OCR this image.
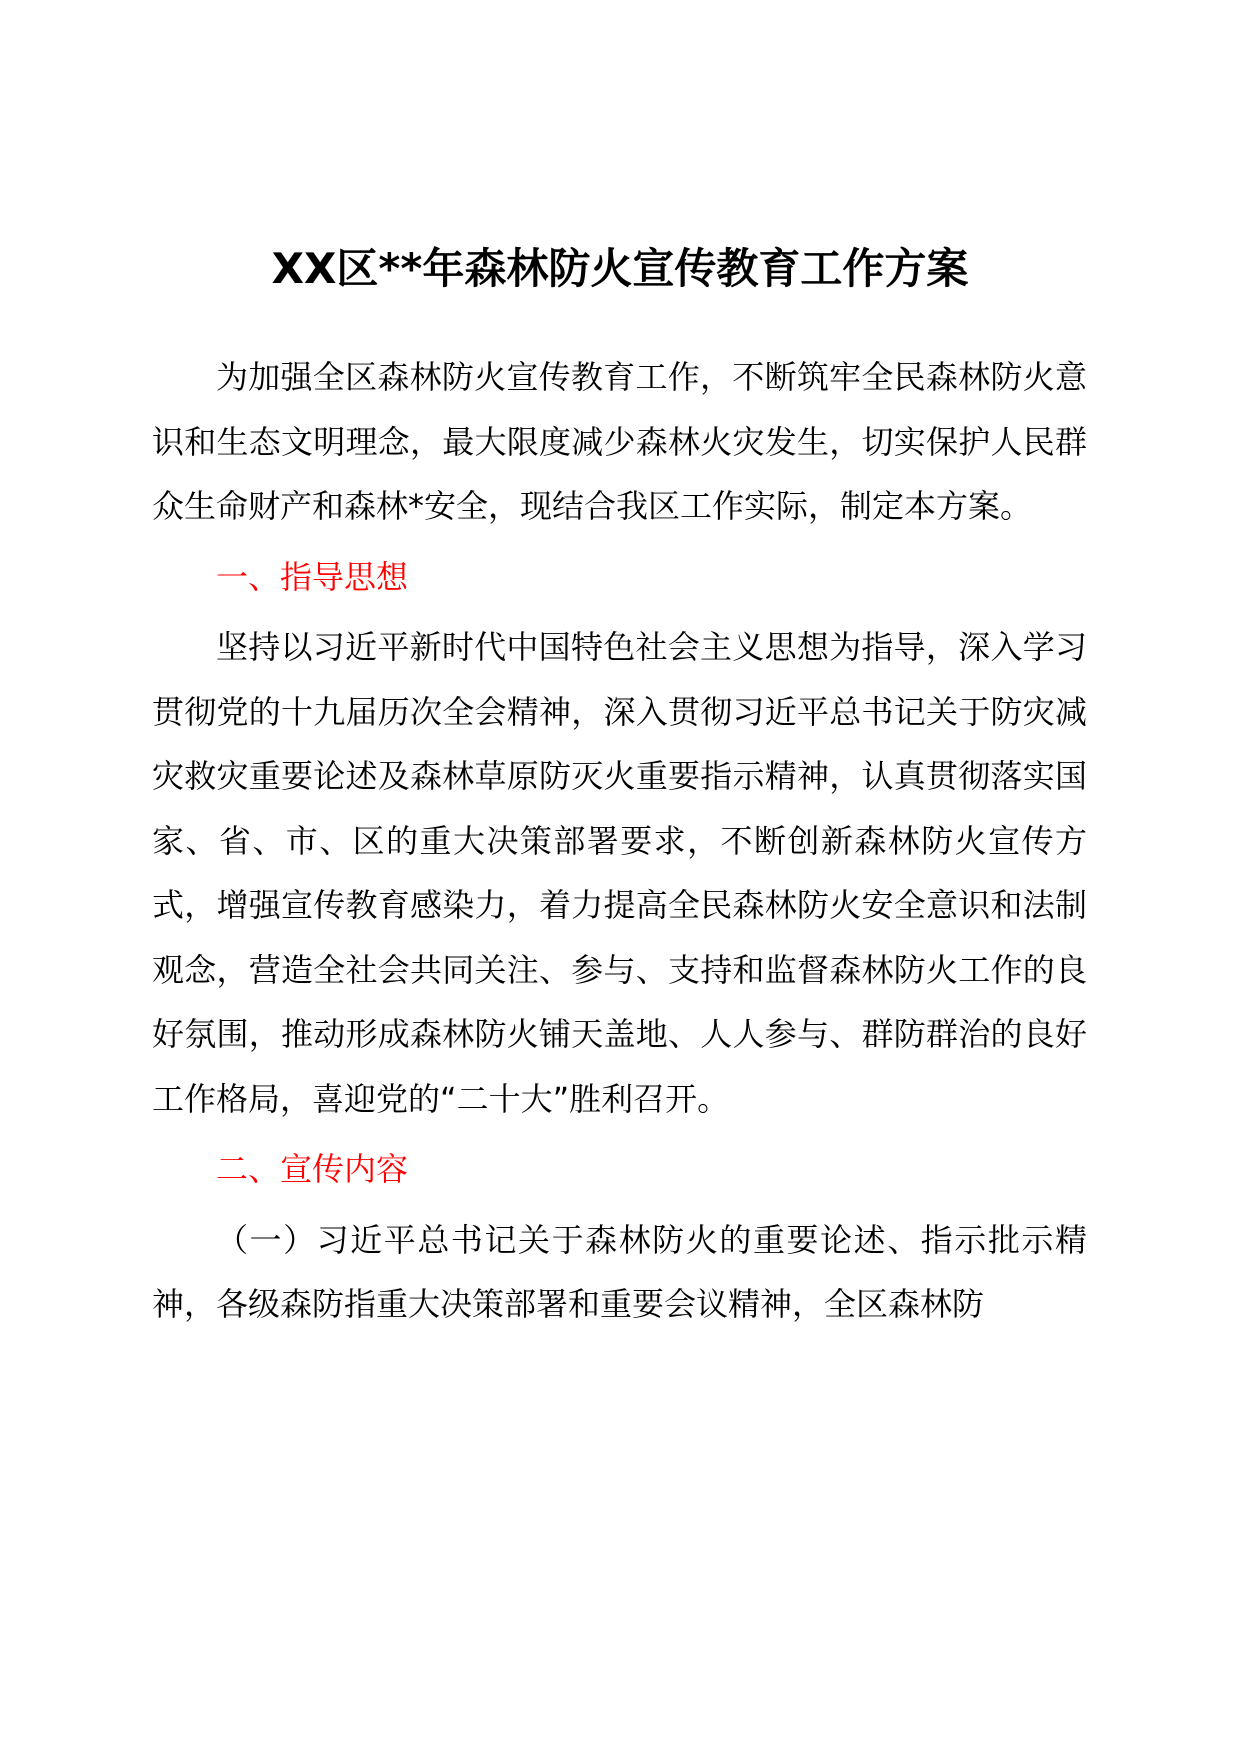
XX区**年森林防火宣传教育工作方案

为加强全区森林防火宣传教育工作，不断筑牢全民森林防火意识和生态文明理念，最大限度减少森林火灾发生，切实保护人民群众生命财产和森林*安全，现结合我区工作实际，制定本方案。

一、指导思想

坚持以习近平新时代中国特色社会主义思想为指导，深入学习贯彻党的十九届历次全会精神，深入贯彻习近平总书记关于防灾减灾救灾重要论述及森林草原防灭火重要指示精神，认真贯彻落实国家、省、市、区的重大决策部署要求，不断创新森林防火宣传方式，增强宣传教育感染力，着力提高全民森林防火安全意识和法制观念，营造全社会共同关注、参与、支持和监督森林防火工作的良好氛围，推动形成森林防火铺天盖地、人人参与、群防群治的良好工作格局，喜迎党的“二十大”胜利召开。

二、宣传内容

（一）习近平总书记关于森林防火的重要论述、指示批示精神，各级森防指重大决策部署和重要会议精神，全区森林防
